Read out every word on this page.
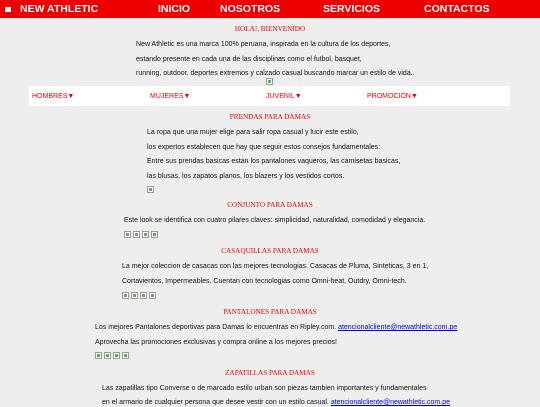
NEW ATHLETIC	INICIO	NOSOTROS	SERVICIOS	CONTACTOS
HOLA!, BIENVENIDO
New Athletic es una marca 100% peruana, inspirada en la cultura de los deportes,
estando presente en cada una de las disciplinas como el futbol, basquet,
running, outdoor, deportes extremos y calzado casual buscando marcar un estilo de vida..
HOMBRES▼	MUJERES▼	JUVENIL▼	PROMOCION▼
PRENDAS PARA DAMAS
La ropa que una mujer elige para salir ropa casual y lucir este estilo,
los expertos establecen que hay que seguir estos consejos fundamentales:
Entre sus prendas basicas estan los pantalones vaqueros, las camisetas basicas,
las blusas, los zapatos planos, los blazers y los vestidos cortos.
CONJUNTO PARA DAMAS
Este look se identifica con cuatro pilares claves: simplicidad, naturalidad, comodidad y elegancia.
CASAQUILLAS PARA DAMAS
La mejor coleccion de casacas con las mejores tecnologias. Casacas de Pluma, Sinteticas, 3 en 1,
Cortavientos, Impermeables. Cuentan con tecnologias como Omni-heat, Outdry, Omni-tech.
PANTALONES PARA DAMAS
Los mejores Pantalones deportivas para Damas lo encuentras en Ripley.com. atencionalcliente@newathletic.com.pe
Aprovecha las promociones exclusivas y compra online a los mejores precios!
ZAPATILLAS PARA DAMAS
Las zapatillas tipo Converse o de marcado estilo urban son piezas tambien importantes y fundamentales
en el armario de cualquier persona que desee vestir con un estilo casual. atencionalcliente@newathletic.com.pe
